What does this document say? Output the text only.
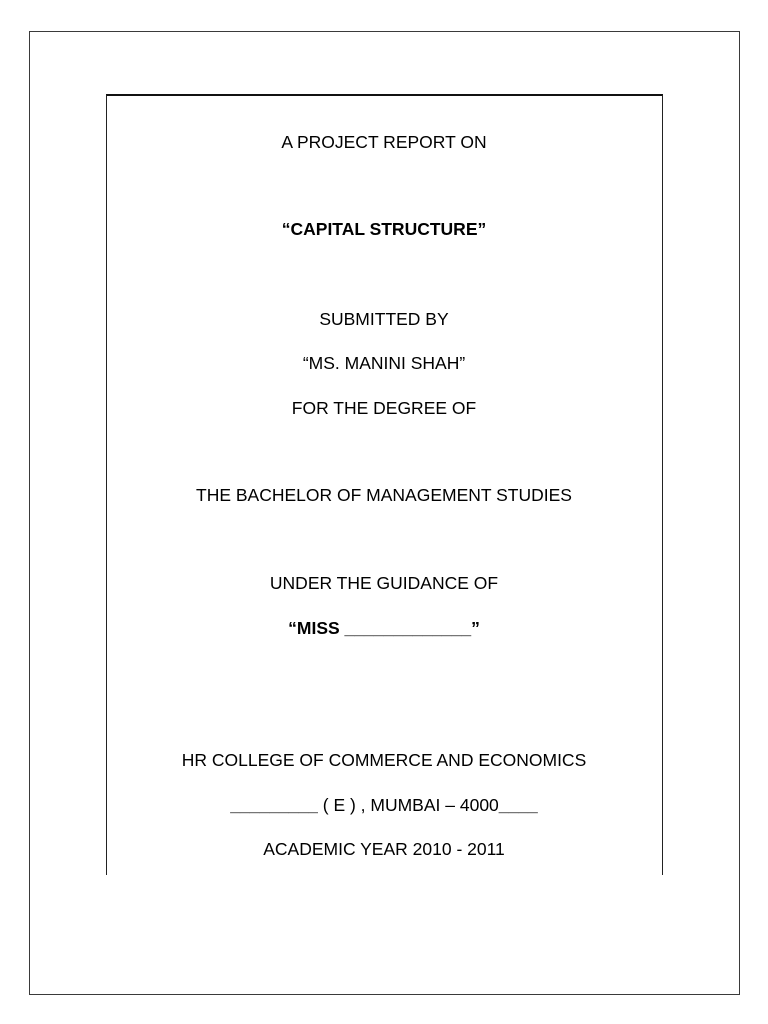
A PROJECT REPORT ON
“CAPITAL STRUCTURE”
SUBMITTED BY
“MS. MANINI SHAH”
FOR THE DEGREE OF
THE BACHELOR OF MANAGEMENT STUDIES
UNDER THE GUIDANCE OF
“MISS _____________”
HR COLLEGE OF COMMERCE AND ECONOMICS
_________ ( E ) , MUMBAI – 4000____
ACADEMIC YEAR 2010 - 2011
